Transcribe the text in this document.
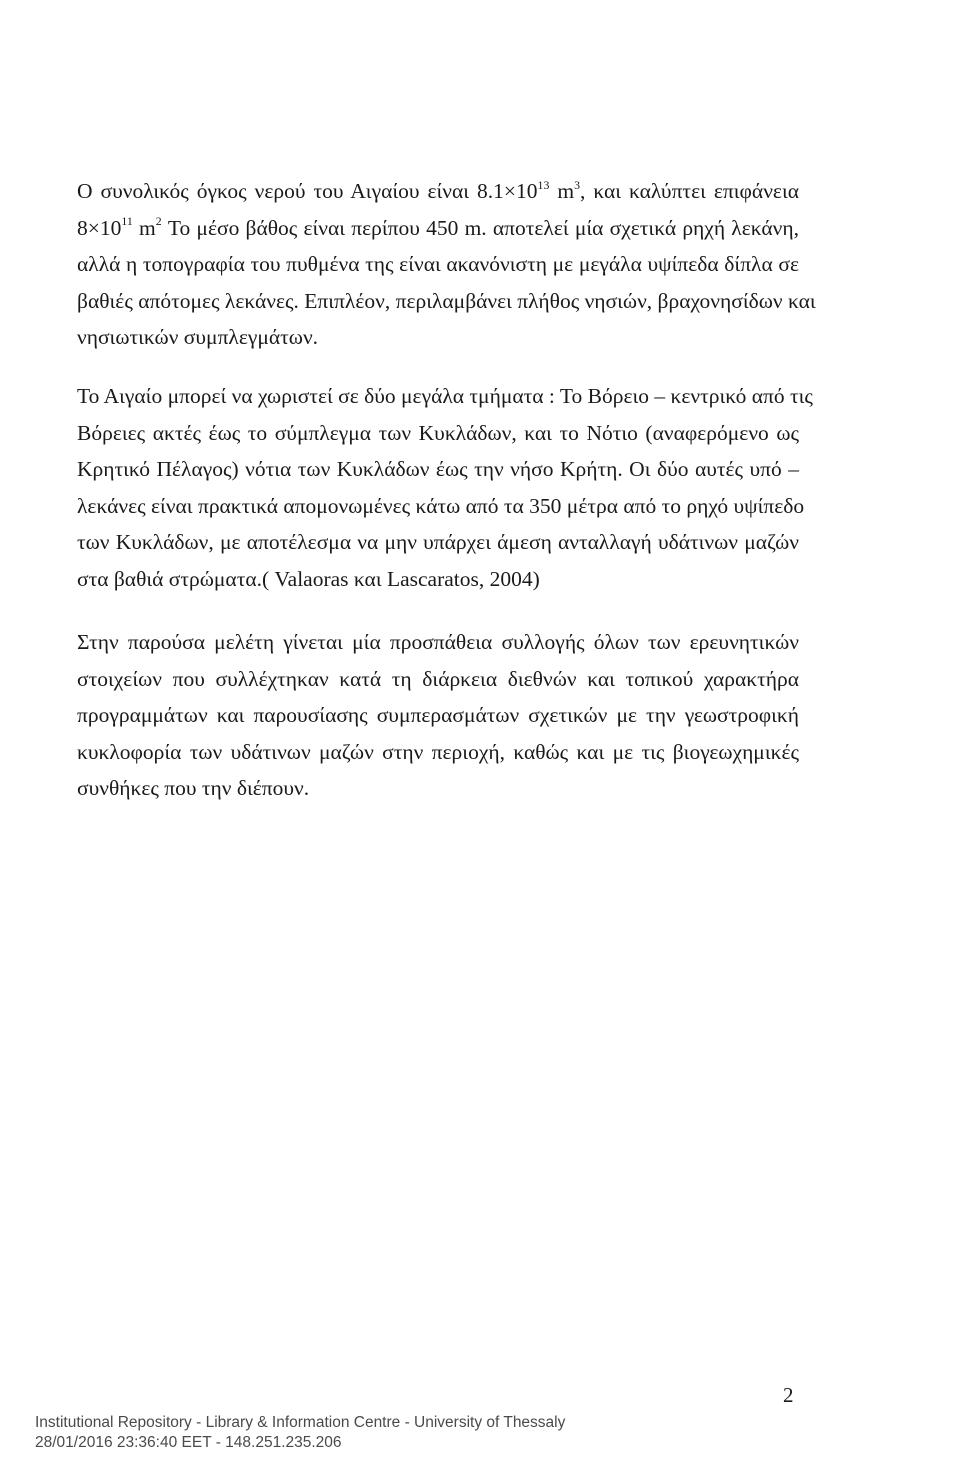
Ο συνολικός όγκος νερού του Αιγαίου είναι $8.1\times 10^{13}$ $m^3$, και καλύπτει επιφάνεια
$8\times 10^{11}$ $m^2$ Το μέσο βάθος είναι περίπου 450 m. αποτελεί μία σχετικά ρηχή λεκάνη,
αλλά η τοπογραφία του πυθμένα της είναι ακανόνιστη με μεγάλα υψίπεδα δίπλα σε
βαθιές απότομες λεκάνες. Επιπλέον, περιλαμβάνει πλήθος νησιών, βραχονησίδων και
νησιωτικών συμπλεγμάτων.
Το Αιγαίο μπορεί να χωριστεί σε δύο μεγάλα τμήματα : Το Βόρειο – κεντρικό από τις
Βόρειες ακτές έως το σύμπλεγμα των Κυκλάδων, και το Νότιο (αναφερόμενο ως
Κρητικό Πέλαγος) νότια των Κυκλάδων έως την νήσο Κρήτη. Οι δύο αυτές υπό –
λεκάνες είναι πρακτικά απομονωμένες κάτω από τα 350 μέτρα από το ρηχό υψίπεδο
των Κυκλάδων, με αποτέλεσμα να μην υπάρχει άμεση ανταλλαγή υδάτινων μαζών
στα βαθιά στρώματα.( Valaoras και Lascaratos, 2004)
Στην παρούσα μελέτη γίνεται μία προσπάθεια συλλογής όλων των ερευνητικών
στοιχείων που συλλέχτηκαν κατά τη διάρκεια διεθνών και τοπικού χαρακτήρα
προγραμμάτων και παρουσίασης συμπερασμάτων σχετικών με την γεωστροφική
κυκλοφορία των υδάτινων μαζών στην περιοχή, καθώς και με τις βιογεωχημικές
συνθήκες που την διέπουν.
2
Institutional Repository - Library & Information Centre - University of Thessaly
28/01/2016 23:36:40 EET - 148.251.235.206
